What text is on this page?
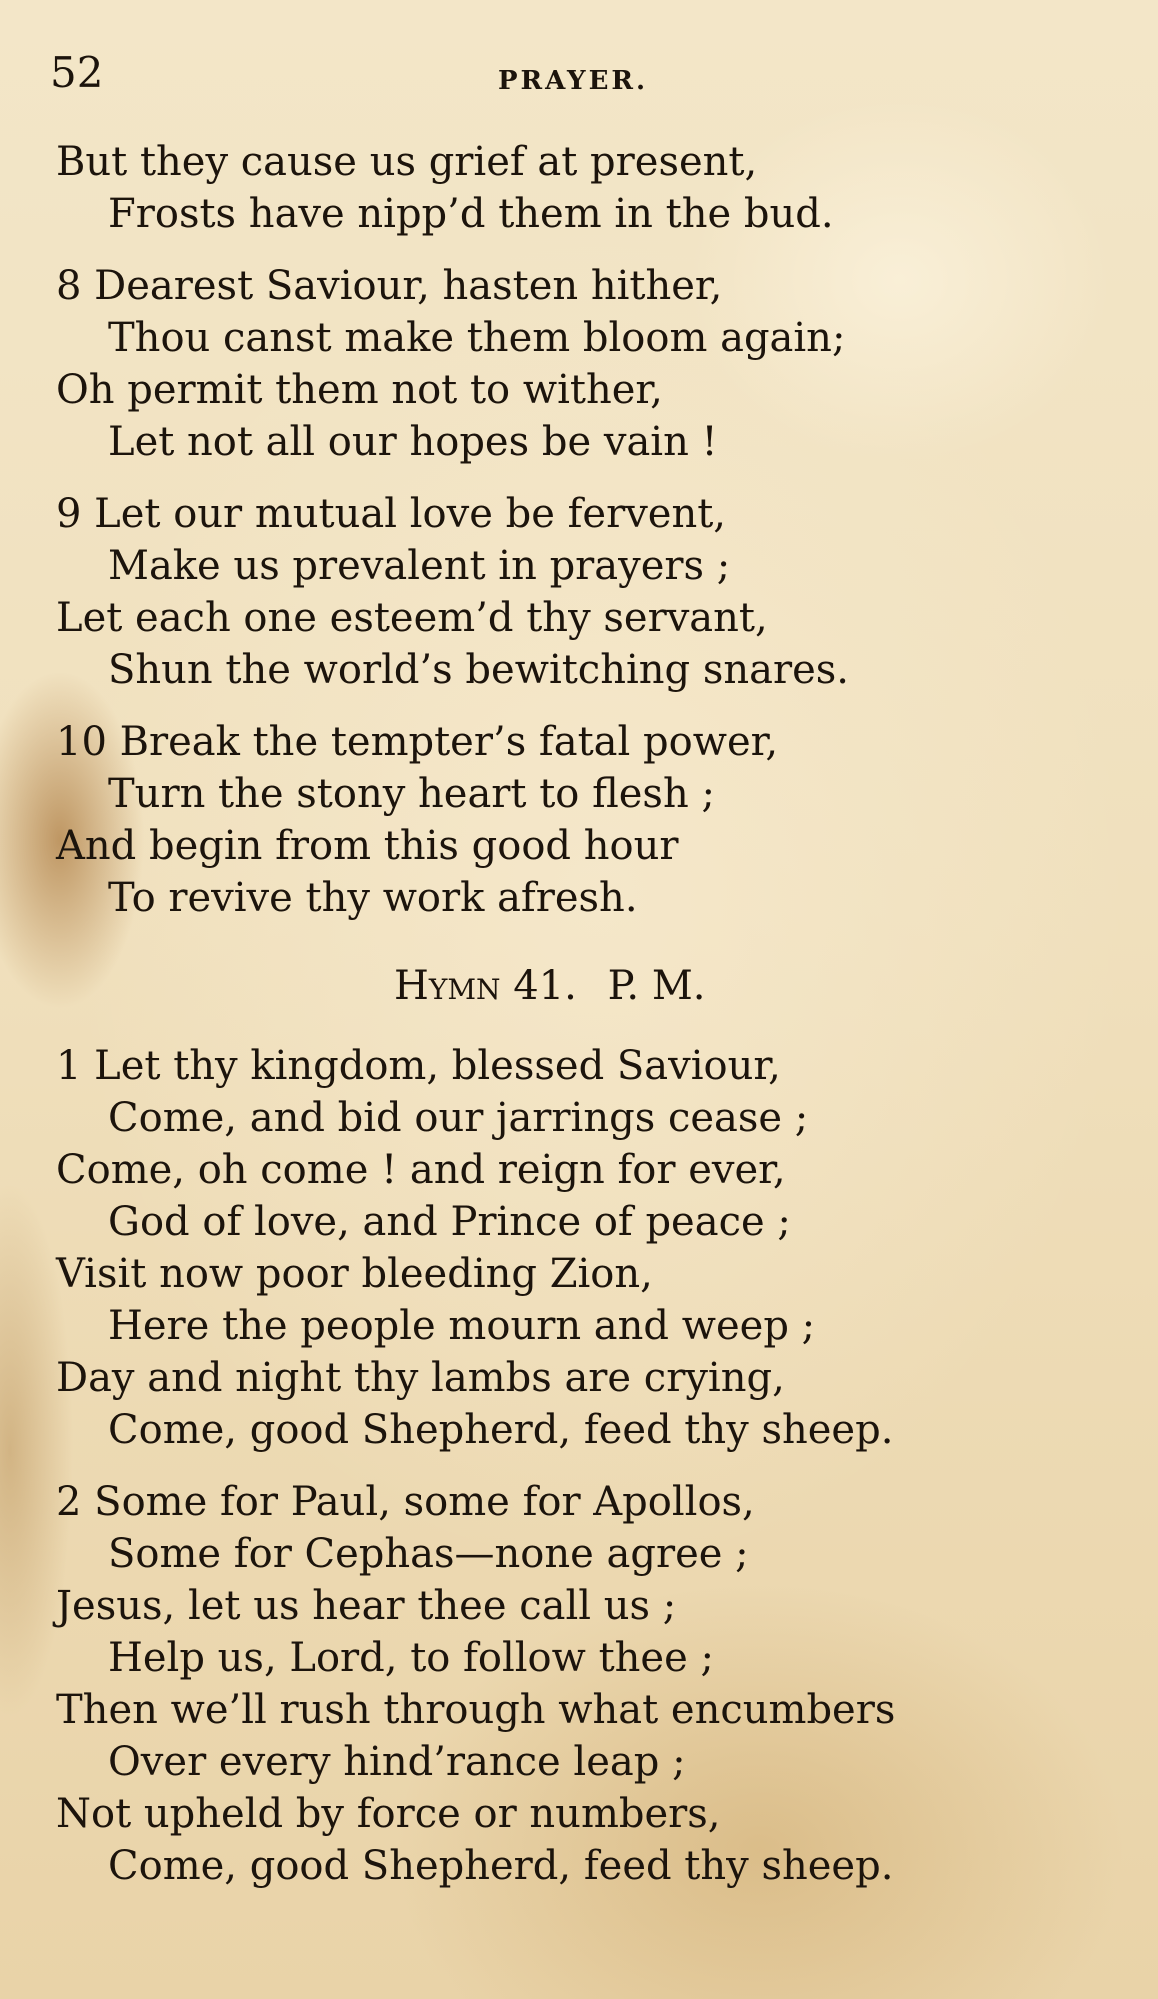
52	PRAYER.
But they cause us grief at present,
Frosts have nipp’d them in the bud.
8 Dearest Saviour, hasten hither,
Thou canst make them bloom again;
Oh permit them not to wither,
Let not all our hopes be vain !
9 Let our mutual love be fervent,
Make us prevalent in prayers ;
Let each one esteem’d thy servant,
Shun the world’s bewitching snares.
10 Break the tempter’s fatal power,
Turn the stony heart to flesh ;
And begin from this good hour
To revive thy work afresh.
Hymn 41. P. M.
1 Let thy kingdom, blessed Saviour,
Come, and bid our jarrings cease ;
Come, oh come ! and reign for ever,
God of love, and Prince of peace ;
Visit now poor bleeding Zion,
Here the people mourn and weep ;
Day and night thy lambs are crying,
Come, good Shepherd, feed thy sheep.
2 Some for Paul, some for Apollos,
Some for Cephas—none agree ;
Jesus, let us hear thee call us ;
Help us, Lord, to follow thee ;
Then we’ll rush through what encumbers
Over every hind’rance leap ;
Not upheld by force or numbers,
Come, good Shepherd, feed thy sheep.
